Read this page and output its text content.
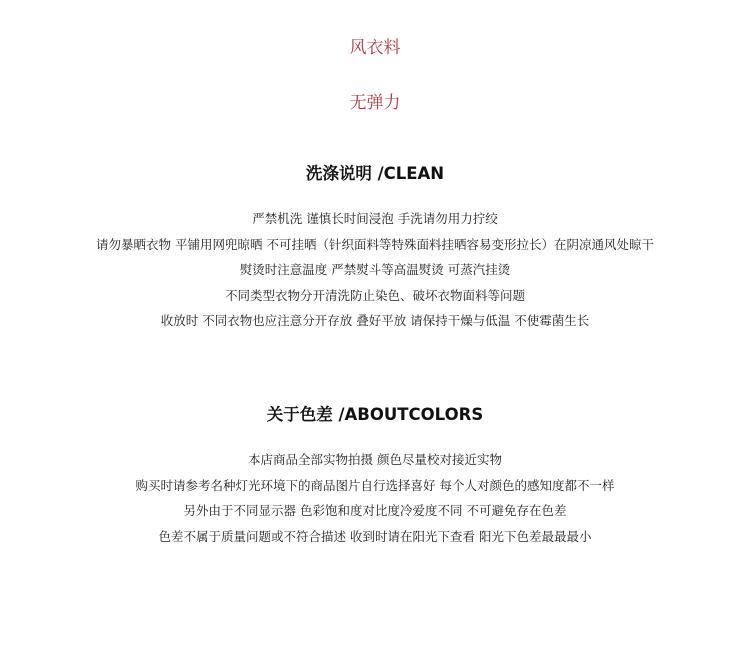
风衣料
无弹力
洗涤说明 /CLEAN
严禁机洗 谨慎长时间浸泡 手洗请勿用力拧绞
请勿暴晒衣物 平铺用网兜晾晒 不可挂晒（针织面料等特殊面料挂晒容易变形拉长）在阴凉通风处晾干
熨烫时注意温度 严禁熨斗等高温熨烫 可蒸汽挂烫
不同类型衣物分开清洗防止染色、破坏衣物面料等问题
收放时 不同衣物也应注意分开存放 叠好平放 请保持干燥与低温 不使霉菌生长
关于色差 /ABOUTCOLORS
本店商品全部实物拍摄 颜色尽量校对接近实物
购买时请参考名种灯光环境下的商品图片自行选择喜好 每个人对颜色的感知度都不一样
另外由于不同显示器 色彩饱和度对比度冷爱度不同 不可避免存在色差
色差不属于质量问题或不符合描述 收到时请在阳光下查看 阳光下色差最最最小
